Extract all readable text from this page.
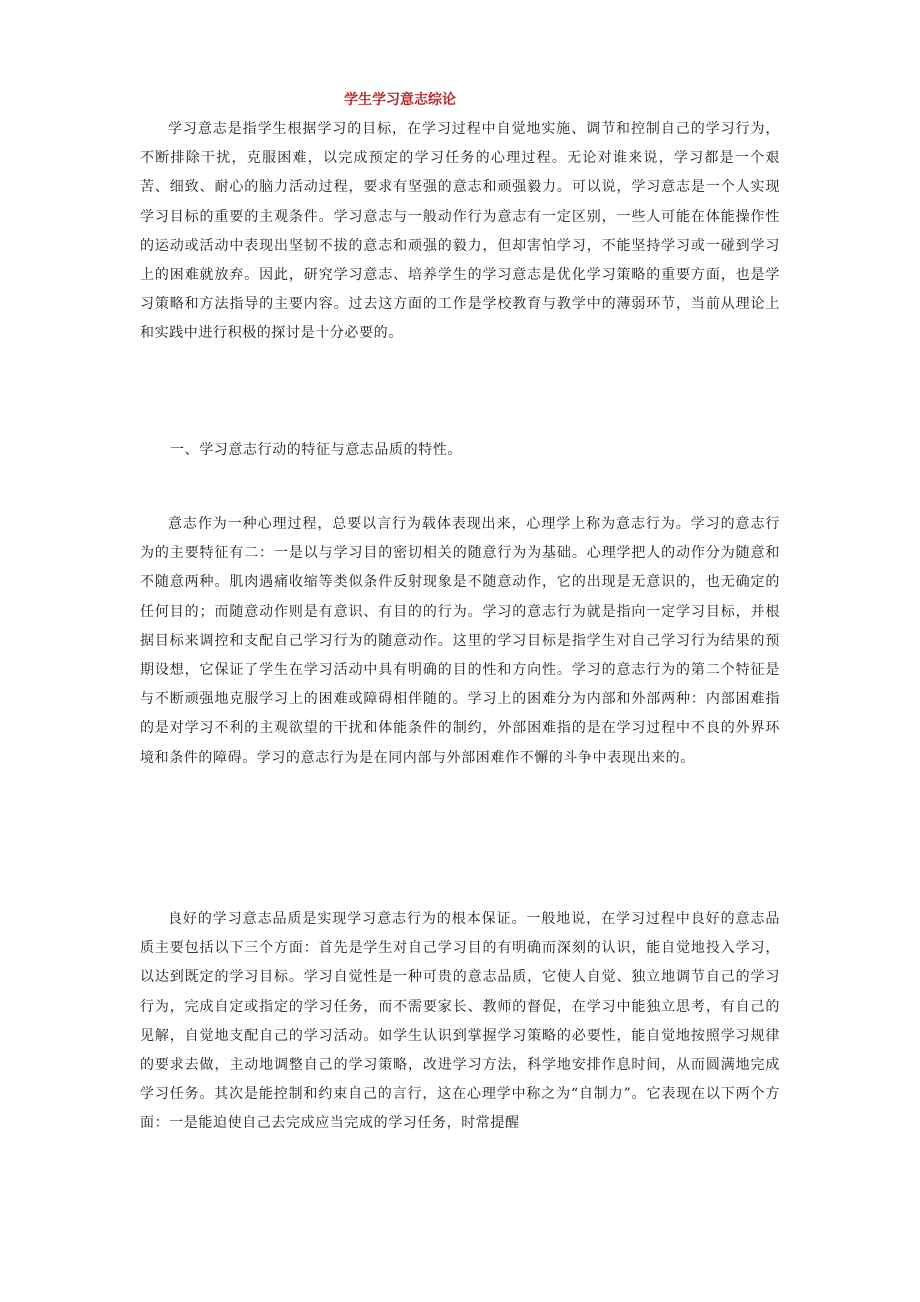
学生学习意志综论

学习意志是指学生根据学习的目标，在学习过程中自觉地实施、调节和控制自己的学习行为，不断排除干扰，克服困难，以完成预定的学习任务的心理过程。无论对谁来说，学习都是一个艰苦、细致、耐心的脑力活动过程，要求有坚强的意志和顽强毅力。可以说，学习意志是一个人实现学习目标的重要的主观条件。学习意志与一般动作行为意志有一定区别，一些人可能在体能操作性的运动或活动中表现出坚韧不拔的意志和顽强的毅力，但却害怕学习，不能坚持学习或一碰到学习上的困难就放弃。因此，研究学习意志、培养学生的学习意志是优化学习策略的重要方面，也是学习策略和方法指导的主要内容。过去这方面的工作是学校教育与教学中的薄弱环节，当前从理论上和实践中进行积极的探讨是十分必要的。

一、学习意志行动的特征与意志品质的特性。

意志作为一种心理过程，总要以言行为载体表现出来，心理学上称为意志行为。学习的意志行为的主要特征有二：一是以与学习目的密切相关的随意行为为基础。心理学把人的动作分为随意和不随意两种。肌肉遇痛收缩等类似条件反射现象是不随意动作，它的出现是无意识的，也无确定的任何目的；而随意动作则是有意识、有目的的行为。学习的意志行为就是指向一定学习目标，并根据目标来调控和支配自己学习行为的随意动作。这里的学习目标是指学生对自己学习行为结果的预期设想，它保证了学生在学习活动中具有明确的目的性和方向性。学习的意志行为的第二个特征是与不断顽强地克服学习上的困难或障碍相伴随的。学习上的困难分为内部和外部两种：内部困难指的是对学习不利的主观欲望的干扰和体能条件的制约，外部困难指的是在学习过程中不良的外界环境和条件的障碍。学习的意志行为是在同内部与外部困难作不懈的斗争中表现出来的。

良好的学习意志品质是实现学习意志行为的根本保证。一般地说，在学习过程中良好的意志品质主要包括以下三个方面：首先是学生对自己学习目的有明确而深刻的认识，能自觉地投入学习，以达到既定的学习目标。学习自觉性是一种可贵的意志品质，它使人自觉、独立地调节自己的学习行为，完成自定或指定的学习任务，而不需要家长、教师的督促，在学习中能独立思考，有自己的见解，自觉地支配自己的学习活动。如学生认识到掌握学习策略的必要性，能自觉地按照学习规律的要求去做，主动地调整自己的学习策略，改进学习方法，科学地安排作息时间，从而圆满地完成学习任务。其次是能控制和约束自己的言行，这在心理学中称之为“自制力”。它表现在以下两个方面：一是能迫使自己去完成应当完成的学习任务，时常提醒
